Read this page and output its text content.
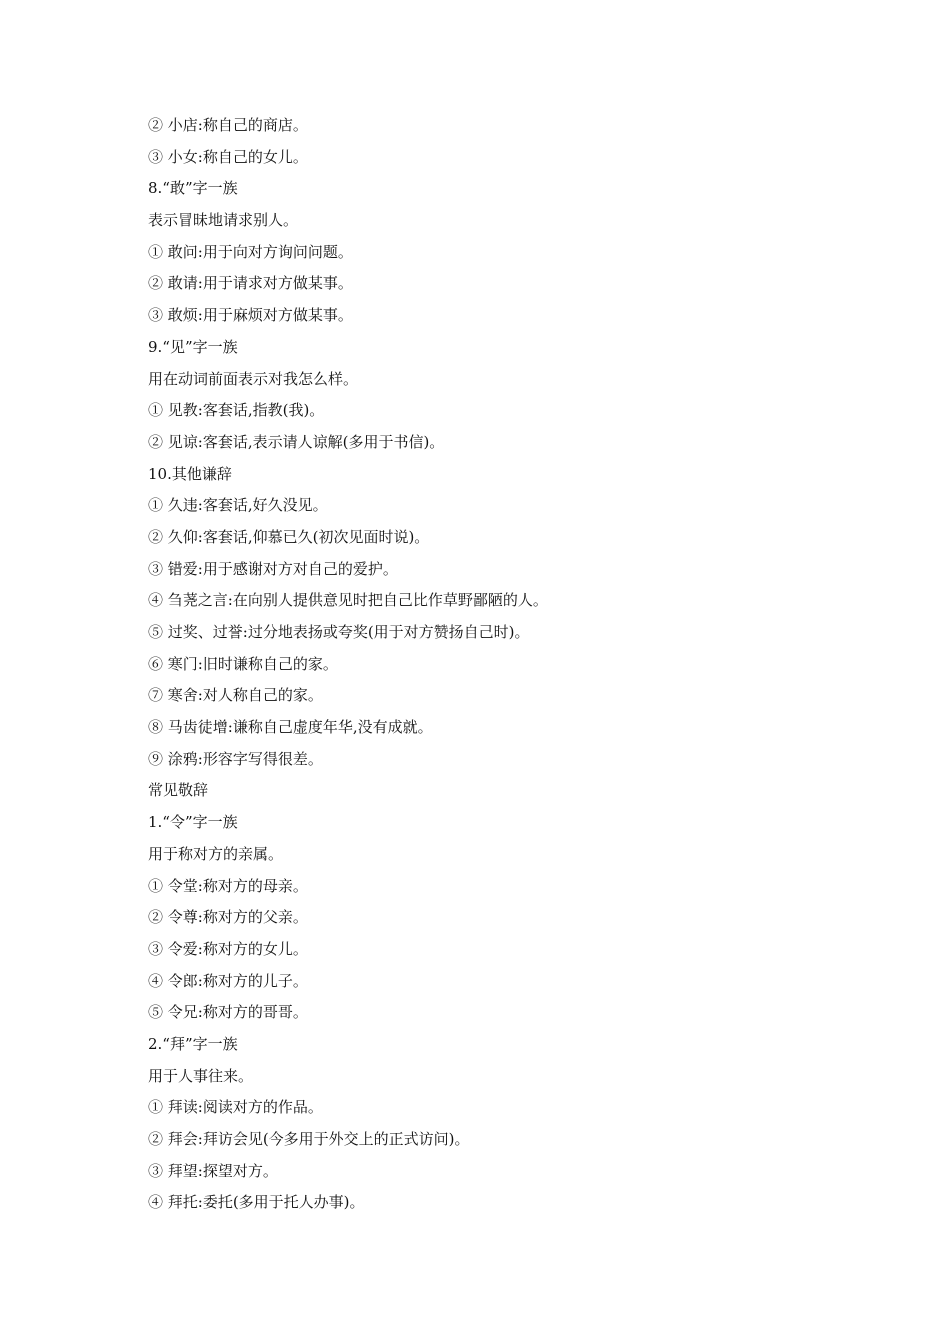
② 小店:称自己的商店。
③ 小女:称自己的女儿。
8.“敢”字一族
表示冒昧地请求别人。
① 敢问:用于向对方询问问题。
② 敢请:用于请求对方做某事。
③ 敢烦:用于麻烦对方做某事。
9.“见”字一族
用在动词前面表示对我怎么样。
① 见教:客套话,指教(我)。
② 见谅:客套话,表示请人谅解(多用于书信)。
10.其他谦辞
① 久违:客套话,好久没见。
② 久仰:客套话,仰慕已久(初次见面时说)。
③ 错爱:用于感谢对方对自己的爱护。
④ 刍荛之言:在向别人提供意见时把自己比作草野鄙陋的人。
⑤ 过奖、过誉:过分地表扬或夸奖(用于对方赞扬自己时)。
⑥ 寒门:旧时谦称自己的家。
⑦ 寒舍:对人称自己的家。
⑧ 马齿徒增:谦称自己虚度年华,没有成就。
⑨ 涂鸦:形容字写得很差。
常见敬辞
1.“令”字一族
用于称对方的亲属。
① 令堂:称对方的母亲。
② 令尊:称对方的父亲。
③ 令爱:称对方的女儿。
④ 令郎:称对方的儿子。
⑤ 令兄:称对方的哥哥。
2.“拜”字一族
用于人事往来。
① 拜读:阅读对方的作品。
② 拜会:拜访会见(今多用于外交上的正式访问)。
③ 拜望:探望对方。
④ 拜托:委托(多用于托人办事)。
